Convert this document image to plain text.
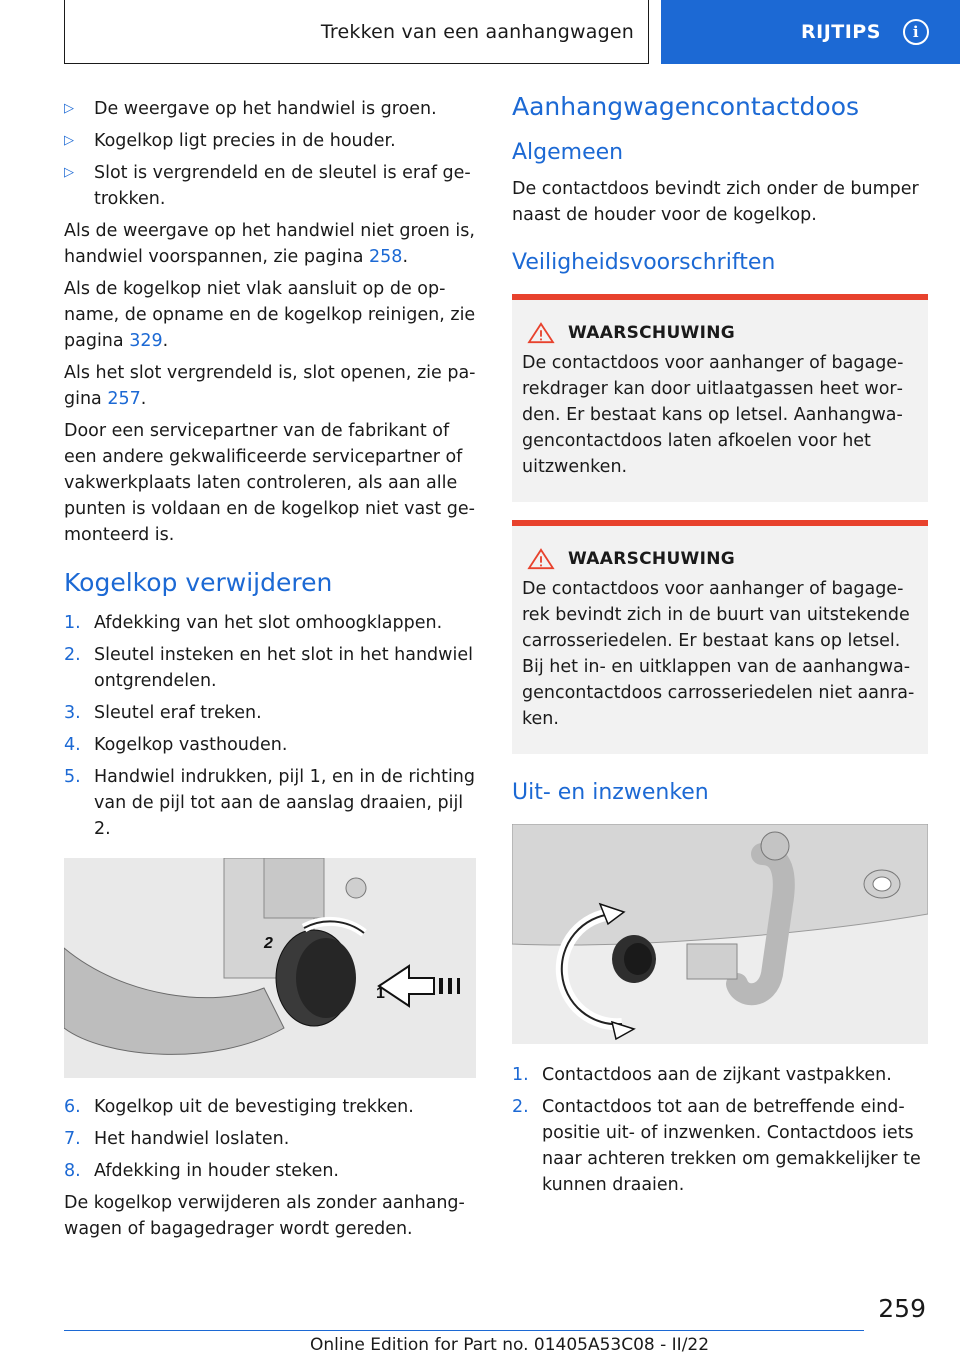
Trekken van een aanhangwagen	RIJTIPS	i
▷	De weergave op het handwiel is groen.
▷	Kogelkop ligt precies in de houder.
▷	Slot is vergrendeld en de sleutel is eraf ge‐trokken.

Als de weergave op het handwiel niet groen is, handwiel voorspannen, zie pagina 258.

Als de kogelkop niet vlak aansluit op de op‐name, de opname en de kogelkop reinigen, zie pagina 329.

Als het slot vergrendeld is, slot openen, zie pa‐gina 257.

Door een servicepartner van de fabrikant of een andere gekwalificeerde servicepartner of vakwerkplaats laten controleren, als aan alle punten is voldaan en de kogelkop niet vast ge‐monteerd is.

Kogelkop verwijderen
1. Afdekking van het slot omhoogklappen.
2. Sleutel insteken en het slot in het handwiel ontgrendelen.
3. Sleutel eraf treken.
4. Kogelkop vasthouden.
5. Handwiel indrukken, pijl 1, en in de richting van de pijl tot aan de aanslag draaien, pijl 2.
1
2
6. Kogelkop uit de bevestiging trekken.
7. Het handwiel loslaten.
8. Afdekking in houder steken.

De kogelkop verwijderen als zonder aanhang‐wagen of bagagedrager wordt gereden.

Aanhangwagencontactdoos
Algemeen

De contactdoos bevindt zich onder de bumper naast de houder voor de kogelkop.

Veiligheidsvoorschriften
WAARSCHUWING

De contactdoos voor aanhanger of bagage‐rekdrager kan door uitlaatgassen heet wor‐den. Er bestaat kans op letsel. Aanhangwa‐gencontactdoos laten afkoelen voor het uitzwenken.

WAARSCHUWING

De contactdoos voor aanhanger of bagage‐rek bevindt zich in de buurt van uitstekende carrosseriedelen. Er bestaat kans op letsel. Bij het in- en uitklappen van de aanhangwa‐gencontactdoos carrosseriedelen niet aanra‐ken.

Uit- en inzwenken
1. Contactdoos aan de zijkant vastpakken.
2. Contactdoos tot aan de betreffende eind‐positie uit- of inzwenken. Contactdoos iets naar achteren trekken om gemakkelijker te kunnen draaien.
259
Online Edition for Part no. 01405A53C08 - II/22
